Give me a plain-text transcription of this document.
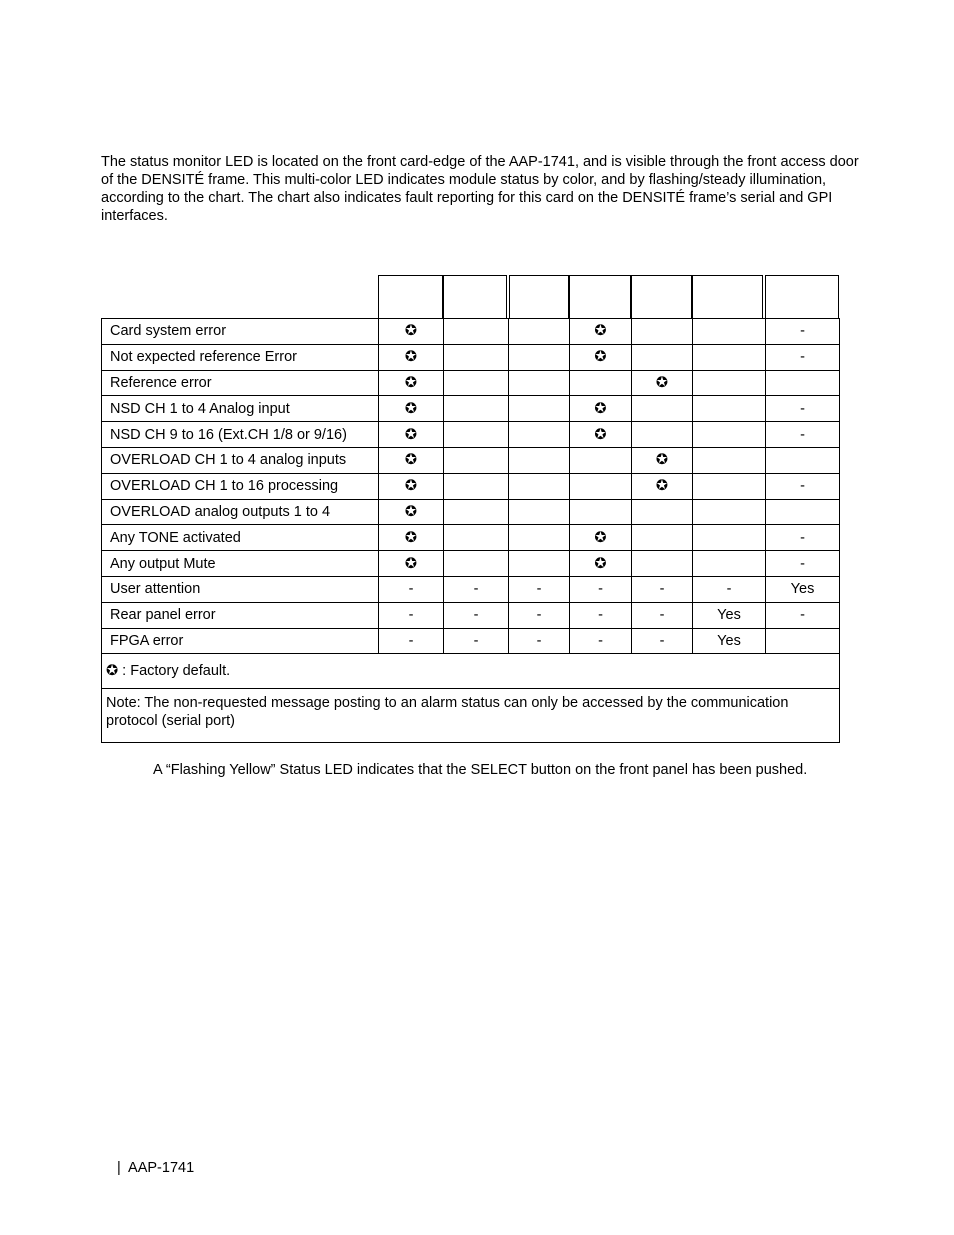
The status monitor LED is located on the front card-edge of the AAP-1741, and is visible through the front access door of the DENSITÉ frame. This multi-color LED indicates module status by color, and by flashing/steady illumination, according to the chart. The chart also indicates fault reporting for this card on the DENSITÉ frame’s serial and GPI interfaces.

Card system error	✪			✪			-
Not expected reference Error	✪			✪			-
Reference error	✪				✪		
NSD CH 1 to 4 Analog input	✪			✪			-
NSD CH 9 to 16 (Ext.CH 1/8 or 9/16)	✪			✪			-
OVERLOAD CH 1 to 4 analog inputs	✪				✪		
OVERLOAD CH 1 to 16 processing	✪				✪		-
OVERLOAD analog outputs 1 to 4	✪						
Any TONE activated	✪			✪			-
Any output Mute	✪			✪			-
User attention	-	-	-	-	-	-	Yes
Rear panel error	-	-	-	-	-	Yes	-
FPGA error	-	-	-	-	-	Yes	
✪ : Factory default.							
Note: The non-requested message posting to an alarm status can only be accessed by the communication protocol (serial port)							

A “Flashing Yellow” Status LED indicates that the SELECT button on the front panel has been pushed.

| AAP-1741
